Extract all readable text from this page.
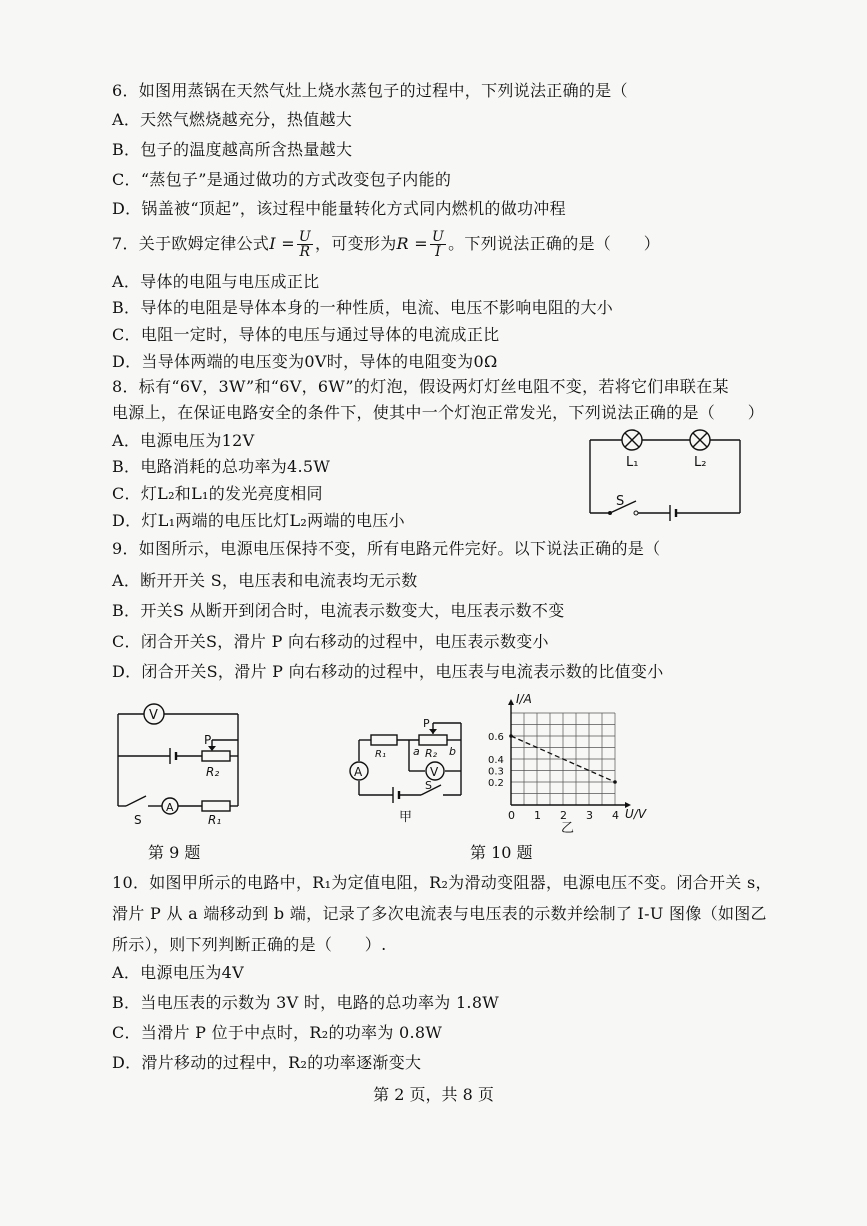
6．如图用蒸锅在天然气灶上烧水蒸包子的过程中，下列说法正确的是（
A．天然气燃烧越充分，热值越大
B．包子的温度越高所含热量越大
C．“蒸包子”是通过做功的方式改变包子内能的
D．锅盖被“顶起”，该过程中能量转化方式同内燃机的做功冲程
7．关于欧姆定律公式$I = \frac{U}{R}$ ，可变形为$R = \frac{U}{I}$ 。下列说法正确的是（　　）
A．导体的电阻与电压成正比
B．导体的电阻是导体本身的一种性质，电流、电压不影响电阻的大小
C．电阻一定时，导体的电压与通过导体的电流成正比
D．当导体两端的电压变为0V时，导体的电阻变为0Ω
8．标有“6V，3W”和“6V，6W”的灯泡，假设两灯灯丝电阻不变，若将它们串联在某
电源上，在保证电路安全的条件下，使其中一个灯泡正常发光，下列说法正确的是（　　）
A．电源电压为12V
B．电路消耗的总功率为4.5W
C．灯L₂和L₁的发光亮度相同
D．灯L₁两端的电压比灯L₂两端的电压小
L₁	L₂
S
9．如图所示，电源电压保持不变，所有电路元件完好。以下说法正确的是（
A．断开开关 S，电压表和电流表均无示数
B．开关S 从断开到闭合时，电流表示数变大，电压表示数不变
C．闭合开关S，滑片 P 向右移动的过程中，电压表示数变小
D．闭合开关S，滑片 P 向右移动的过程中，电压表与电流表示数的比值变小
V
A
P
R₂
R₁
S
第 9 题
A	V
R₁	R₂
P
a	b
S
甲
0.6
0.4
0.3
0.2
0 1 2 3 4
I/A
U/V
乙
第 10 题
10．如图甲所示的电路中，R₁为定值电阻，R₂为滑动变阻器，电源电压不变。闭合开关 s，
滑片 P 从 a 端移动到 b 端，记录了多次电流表与电压表的示数并绘制了 I-U 图像（如图乙
所示），则下列判断正确的是（　　）.
A．电源电压为4V
B．当电压表的示数为 3V 时，电路的总功率为 1.8W
C．当滑片 P 位于中点时，R₂的功率为 0.8W
D．滑片移动的过程中，R₂的功率逐渐变大
第 2 页，共 8 页
